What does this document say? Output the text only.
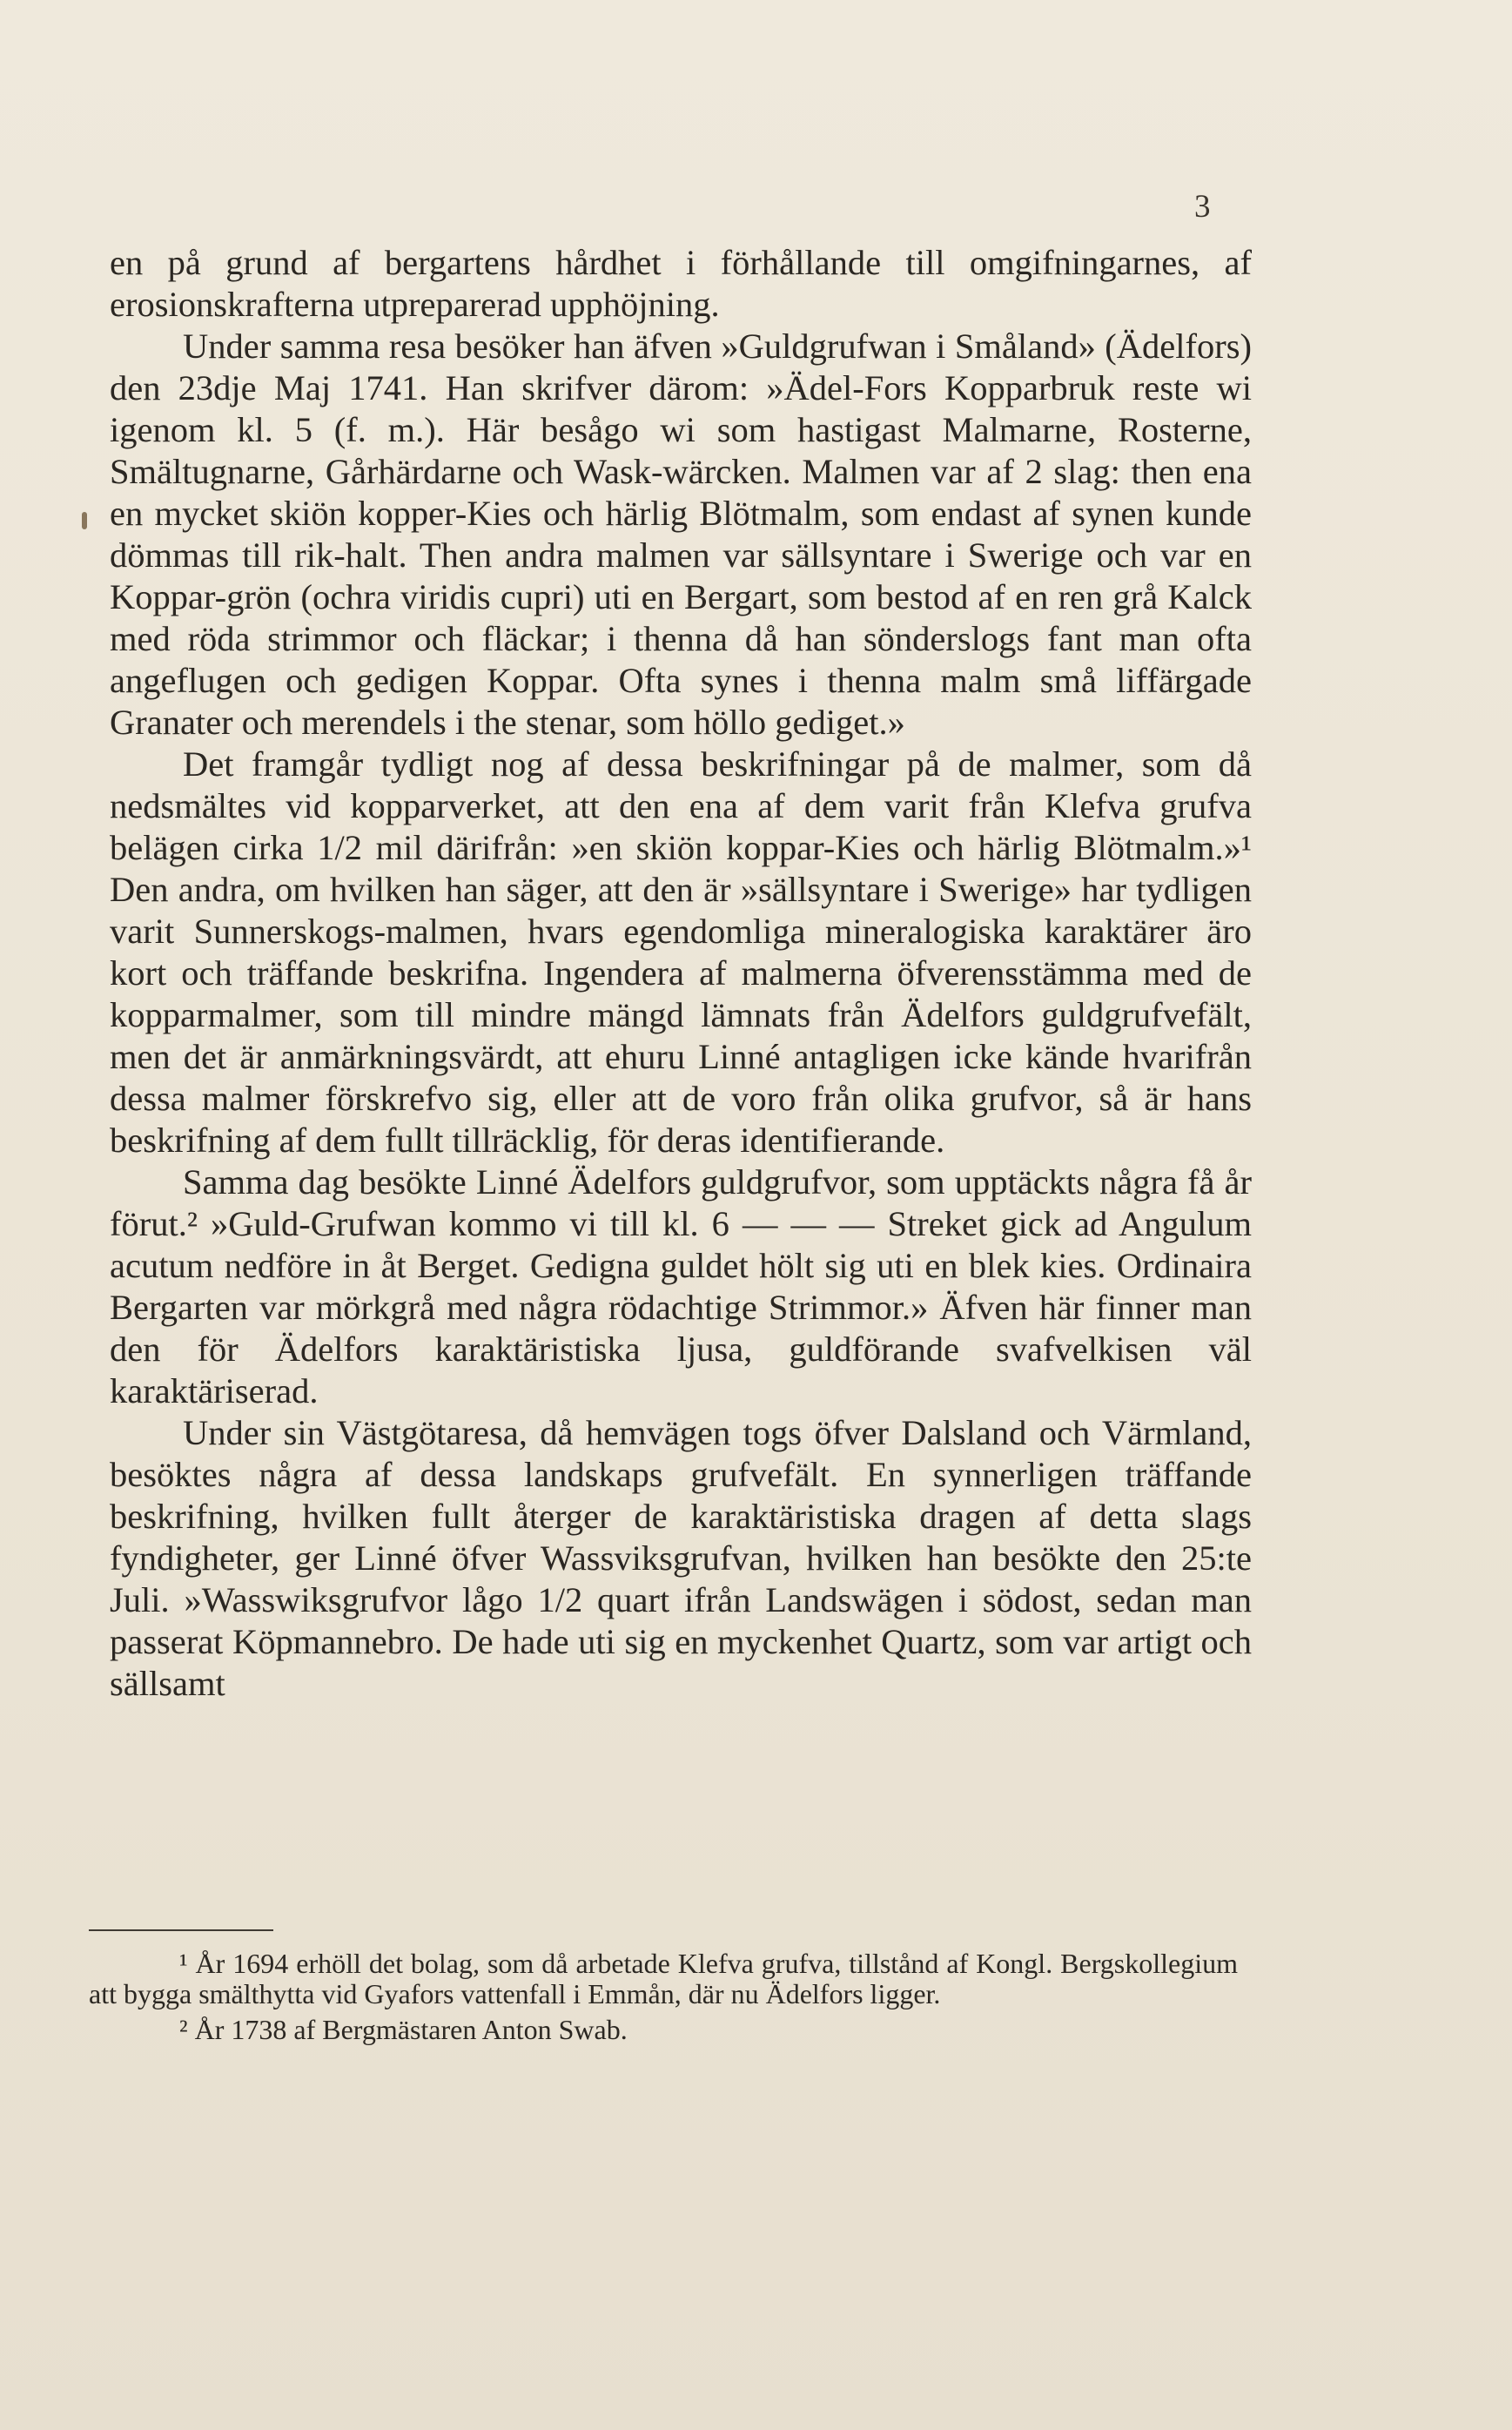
3

en på grund af bergartens hårdhet i förhållande till omgifningarnes, af erosionskrafterna utpreparerad upphöjning.

Under samma resa besöker han äfven »Guldgrufwan i Småland» (Ädelfors) den 23dje Maj 1741. Han skrifver därom: »Ädel-Fors Kopparbruk reste wi igenom kl. 5 (f. m.). Här besågo wi som hastigast Malmarne, Rosterne, Smältugnarne, Gårhärdarne och Wask-wärcken. Malmen var af 2 slag: then ena en mycket skiön kopper-Kies och härlig Blötmalm, som endast af synen kunde dömmas till rik-halt. Then andra malmen var sällsyntare i Swerige och var en Koppar-grön (ochra viridis cupri) uti en Bergart, som bestod af en ren grå Kalck med röda strimmor och fläckar; i thenna då han sönderslogs fant man ofta angeflugen och gedigen Koppar. Ofta synes i thenna malm små liffärgade Granater och merendels i the stenar, som höllo gediget.»

Det framgår tydligt nog af dessa beskrifningar på de malmer, som då nedsmältes vid kopparverket, att den ena af dem varit från Klefva grufva belägen cirka 1/2 mil därifrån: »en skiön koppar-Kies och härlig Blötmalm.»¹ Den andra, om hvilken han säger, att den är »sällsyntare i Swerige» har tydligen varit Sunnerskogs-malmen, hvars egendomliga mineralogiska karaktärer äro kort och träffande beskrifna. Ingendera af malmerna öfverensstämma med de kopparmalmer, som till mindre mängd lämnats från Ädelfors guldgrufvefält, men det är anmärkningsvärdt, att ehuru Linné antagligen icke kände hvarifrån dessa malmer förskrefvo sig, eller att de voro från olika grufvor, så är hans beskrifning af dem fullt tillräcklig, för deras identifierande.

Samma dag besökte Linné Ädelfors guldgrufvor, som upptäckts några få år förut.² »Guld-Grufwan kommo vi till kl. 6 — — — Streket gick ad Angulum acutum nedföre in åt Berget. Gedigna guldet hölt sig uti en blek kies. Ordinaira Bergarten var mörkgrå med några rödachtige Strimmor.» Äfven här finner man den för Ädelfors karaktäristiska ljusa, guldförande svafvelkisen väl karaktäriserad.

Under sin Västgötaresa, då hemvägen togs öfver Dalsland och Värmland, besöktes några af dessa landskaps grufvefält. En synnerligen träffande beskrifning, hvilken fullt återger de karaktäristiska dragen af detta slags fyndigheter, ger Linné öfver Wassviksgrufvan, hvilken han besökte den 25:te Juli. »Wasswiksgrufvor lågo 1/2 quart ifrån Landswägen i södost, sedan man passerat Köpmannebro. De hade uti sig en myckenhet Quartz, som var artigt och sällsamt

¹ År 1694 erhöll det bolag, som då arbetade Klefva grufva, tillstånd af Kongl. Bergskollegium att bygga smälthytta vid Gyafors vattenfall i Emmån, där nu Ädelfors ligger.

² År 1738 af Bergmästaren Anton Swab.
